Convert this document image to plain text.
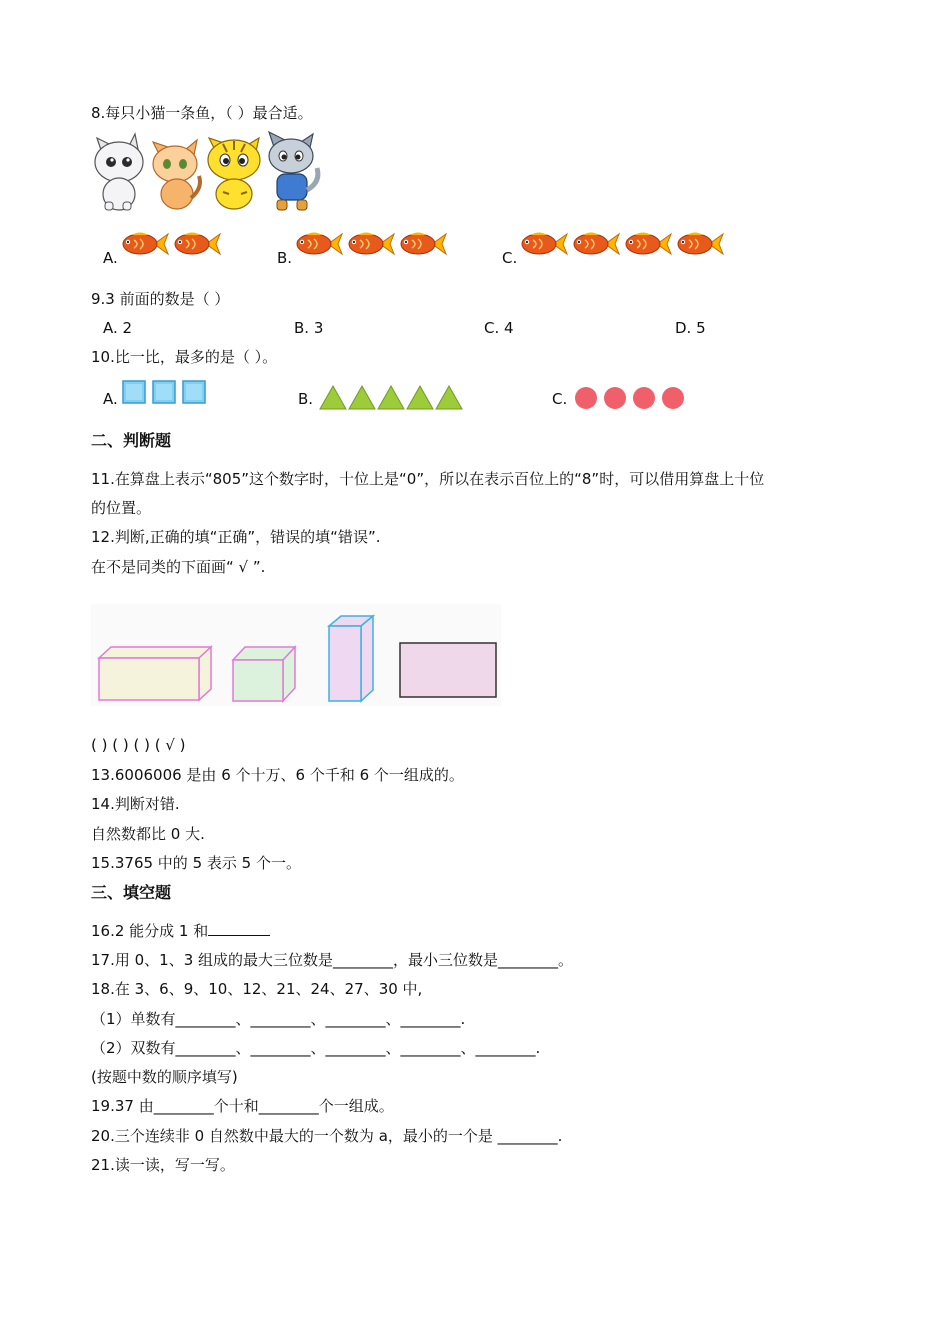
8.每只小猫一条鱼，（ ）最合适。
A.	B.	C.
9.3 前面的数是（ ）
A. 2	B. 3	C. 4	D. 5
10.比一比，最多的是（ ）。
A.	B.	C.
二、判断题
11.在算盘上表示“805”这个数字时，十位上是“0”，所以在表示百位上的“8”时，可以借用算盘上十位
的位置。
12.判断,正确的填“正确”，错误的填“错误”.
在不是同类的下面画“ √ ”.
( ) ( ) ( ) ( √ )
13.6006006 是由 6 个十万、6 个千和 6 个一组成的。
14.判断对错.
自然数都比 0 大.
15.3765 中的 5 表示 5 个一。
三、填空题
16.2 能分成 1 和
17.用 0、1、3 组成的最大三位数是________，最小三位数是________。
18.在 3、6、9、10、12、21、24、27、30 中,
（1）单数有________、________、________、________.
（2）双数有________、________、________、________、________.
(按题中数的顺序填写)
19.37 由________个十和________个一组成。
20.三个连续非 0 自然数中最大的一个数为 a，最小的一个是 ________.
21.读一读，写一写。
